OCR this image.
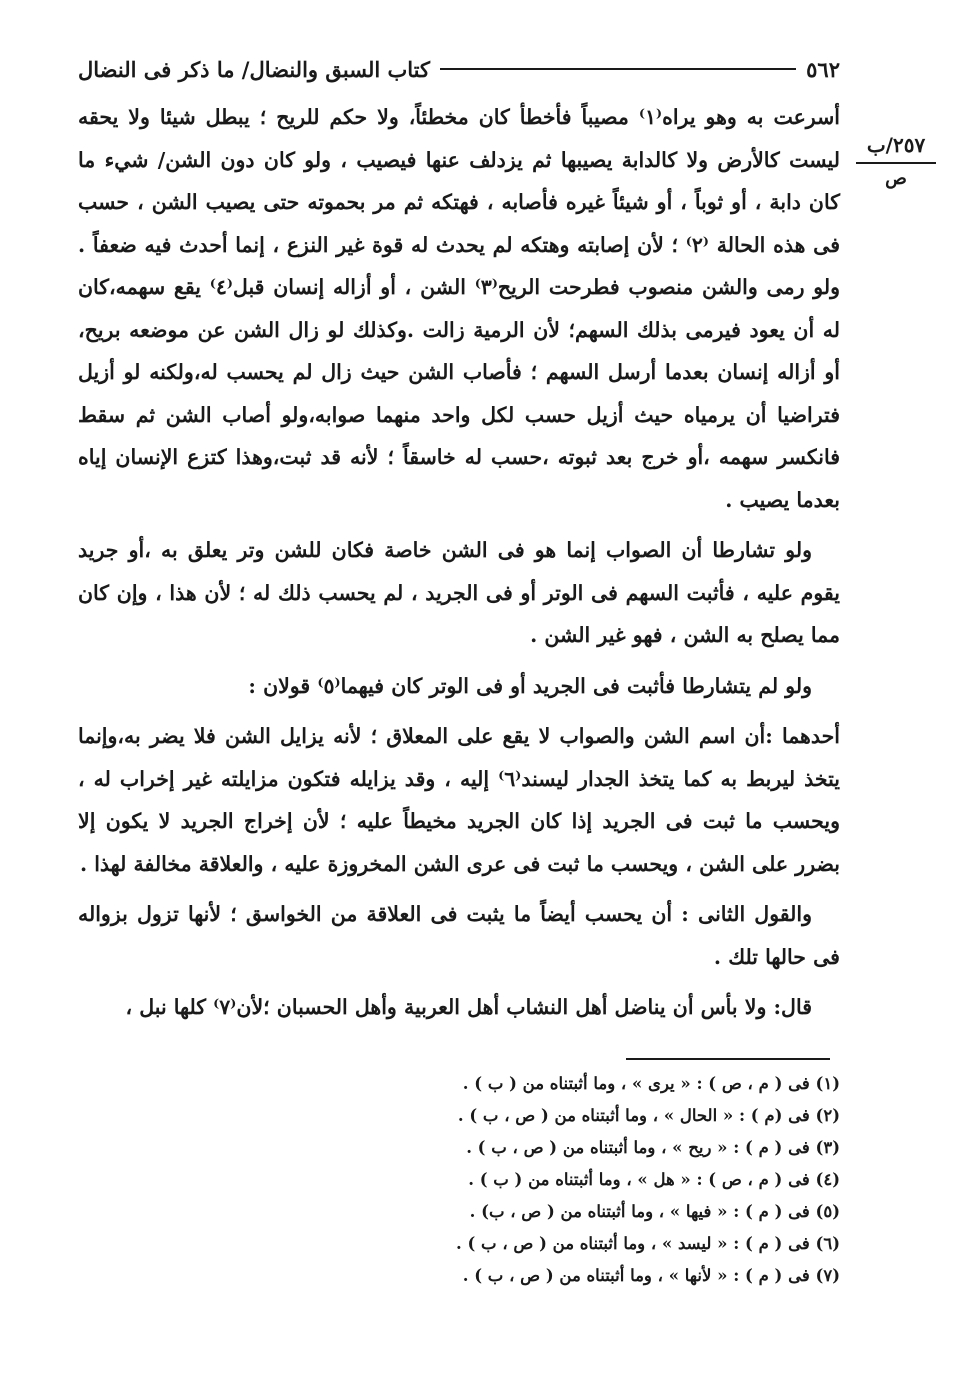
٥٦٢
كتاب السبق والنضال/ ما ذكر فى النضال
٢٥٧/ب
ص

أسرعت به وهو يراه⁽١⁾ مصيباً فأخطأ كان مخطئاً، ولا حكم للريح ؛ يبطل شيئا ولا يحقه ليست كالأرض ولا كالدابة يصيبها ثم يزدلف عنها فيصيب ، ولو كان دون الشن/ شيء ما كان دابة ، أو ثوباً ، أو شيئاً غيره فأصابه ، فهتكه ثم مر بحموته حتى يصيب الشن ، حسب فى هذه الحالة ⁽٢⁾ ؛ لأن إصابته وهتكه لم يحدث له قوة غير النزع ، إنما أحدث فيه ضعفاً . ولو رمى والشن منصوب فطرحت الريح⁽٣⁾ الشن ، أو أزاله إنسان قبل⁽٤⁾ يقع سهمه،كان له أن يعود فيرمى بذلك السهم؛ لأن الرمية زالت .وكذلك لو زال الشن عن موضعه بريح، أو أزاله إنسان بعدما أرسل السهم ؛ فأصاب الشن حيث زال لم يحسب له،ولكنه لو أزيل فتراضيا أن يرمياه حيث أزيل حسب لكل واحد منهما صوابه،ولو أصاب الشن ثم سقط فانكسر سهمه ،أو خرج بعد ثبوته ،حسب له خاسقاً ؛ لأنه قد ثبت،وهذا كتزع الإنسان إياه بعدما يصيب .

ولو تشارطا أن الصواب إنما هو فى الشن خاصة فكان للشن وتر يعلق به ،أو جريد يقوم عليه ، فأثبت السهم فى الوتر أو فى الجريد ، لم يحسب ذلك له ؛ لأن هذا ، وإن كان مما يصلح به الشن ، فهو غير الشن .

ولو لم يتشارطا فأثبت فى الجريد أو فى الوتر كان فيهما⁽٥⁾ قولان :

أحدهما :أن اسم الشن والصواب لا يقع على المعلاق ؛ لأنه يزايل الشن فلا يضر به،وإنما يتخذ ليربط به كما يتخذ الجدار ليسند⁽٦⁾ إليه ، وقد يزايله فتكون مزايلته غير إخراب له ، ويحسب ما ثبت فى الجريد إذا كان الجريد مخيطاً عليه ؛ لأن إخراج الجريد لا يكون إلا بضرر على الشن ، ويحسب ما ثبت فى عرى الشن المخروزة عليه ، والعلاقة مخالفة لهذا .

والقول الثانى : أن يحسب أيضاً ما يثبت فى العلاقة من الخواسق ؛ لأنها تزول بزواله فى حالها تلك .

قال: ولا بأس أن يناضل أهل النشاب أهل العربية وأهل الحسبان ؛لأن⁽٧⁾ كلها نبل ،

(١) فى ( م ، ص ) : « يرى » ، وما أثبتناه من ( ب ) .
(٢) فى (م ) : « الحال » ، وما أثبتناه من ( ص ، ب ) .
(٣) فى ( م ) : « ريح » ، وما أثبتناه من ( ص ، ب ) .
(٤) فى ( م ، ص ) : « هل » ، وما أثبتناه من ( ب ) .
(٥) فى ( م ) : « فيها » ، وما أثبتناه من ( ص ، ب) .
(٦) فى ( م ) : « ليسد » ، وما أثبتناه من ( ص ، ب ) .
(٧) فى ( م ) : « لأنها » ، وما أثبتناه من ( ص ، ب ) .
